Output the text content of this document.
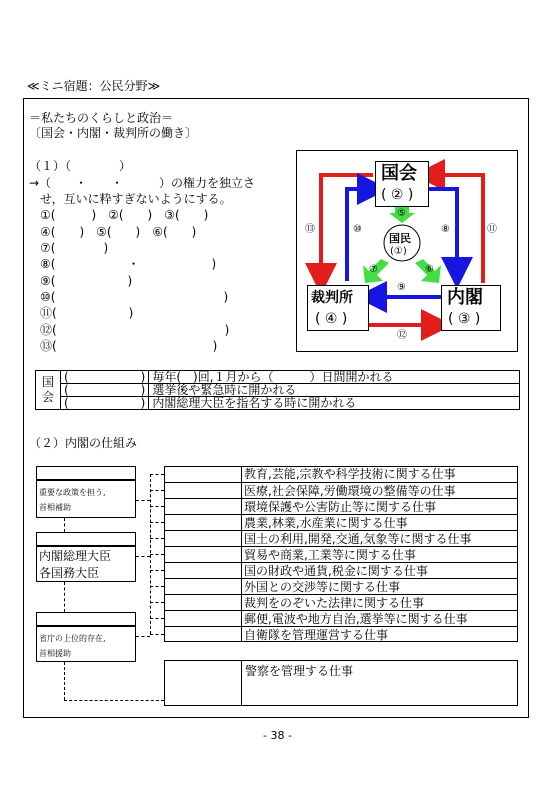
≪ミニ宿題：公民分野≫
＝私たちのくらしと政治＝
〔国会・内閣・裁判所の働き〕
（１）（　　　　）
→（　　・　　・　　　）の権力を独立さ
せ，互いに粋すぎないようにする。
①(　　　)　②(　　)　③(　　)
④(　　)　⑤(　　)　⑥(　　)
⑦(　　　　)
⑧(　　　　　　・　　　　　　)
⑨(　　　　　　)
⑩(　　　　　　　　　　　　　　)
⑪(　　　　　　)
⑫(　　　　　　　　　　　　　　)
⑬(　　　　　　　　　　　　　)
国会
( ② )
裁判所
( ④ )
内閣
( ③ )
国民
(①)
⑤
⑥
⑦
⑧
⑨
⑩	⑪
⑫
⑬
国会	(　　　　　　)	毎年(　)回,１月から（　　　）日間開かれる
	(　　　　　　)	選挙後や緊急時に開かれる
	(　　　　　　)	内閣総理大臣を指名する時に開かれる
（２）内閣の仕組み
重要な政策を担う,
首相補助
内閣総理大臣
各国務大臣
省庁の上位的存在,
首相援助
教育,芸能,宗教や科学技術に関する仕事
医療,社会保障,労働環境の整備等の仕事
環境保護や公害防止等に関する仕事
農業,林業,水産業に関する仕事
国土の利用,開発,交通,気象等に関する仕事
貿易や商業,工業等に関する仕事
国の財政や通貨,税金に関する仕事
外国との交渉等に関する仕事
裁判をのぞいた法律に関する仕事
郵便,電波や地方自治,選挙等に関する仕事
自衛隊を管理運営する仕事
警察を管理する仕事
- 38 -
